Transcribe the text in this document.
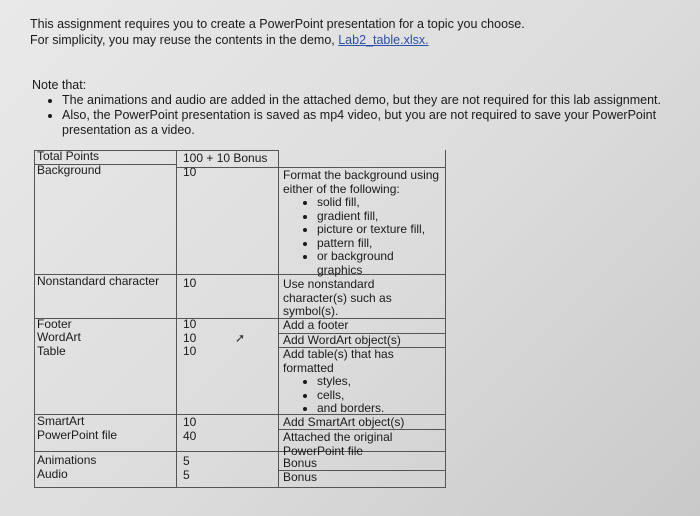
This assignment requires you to create a PowerPoint presentation for a topic you choose.
For simplicity, you may reuse the contents in the demo, Lab2_table.xlsx.
Note that:
• The animations and audio are added in the attached demo, but they are not required for this lab assignment.
• Also, the PowerPoint presentation is saved as mp4 video, but you are not required to save your PowerPoint presentation as a video.
Total Points
Background
Nonstandard character
Footer
WordArt
Table
SmartArt
PowerPoint file
Animations
Audio
100 + 10 Bonus
10
10
10
10
10
10
40
5
5
Format the background using either of the following:
• solid fill,
• gradient fill,
• picture or texture fill,
• pattern fill,
• or background graphics
Use nonstandard character(s) such as symbol(s).
Add a footer
Add WordArt object(s)
Add table(s) that has formatted
• styles,
• cells,
• and borders.
Add SmartArt object(s)
Attached the original PowerPoint file
Bonus
Bonus
➚
